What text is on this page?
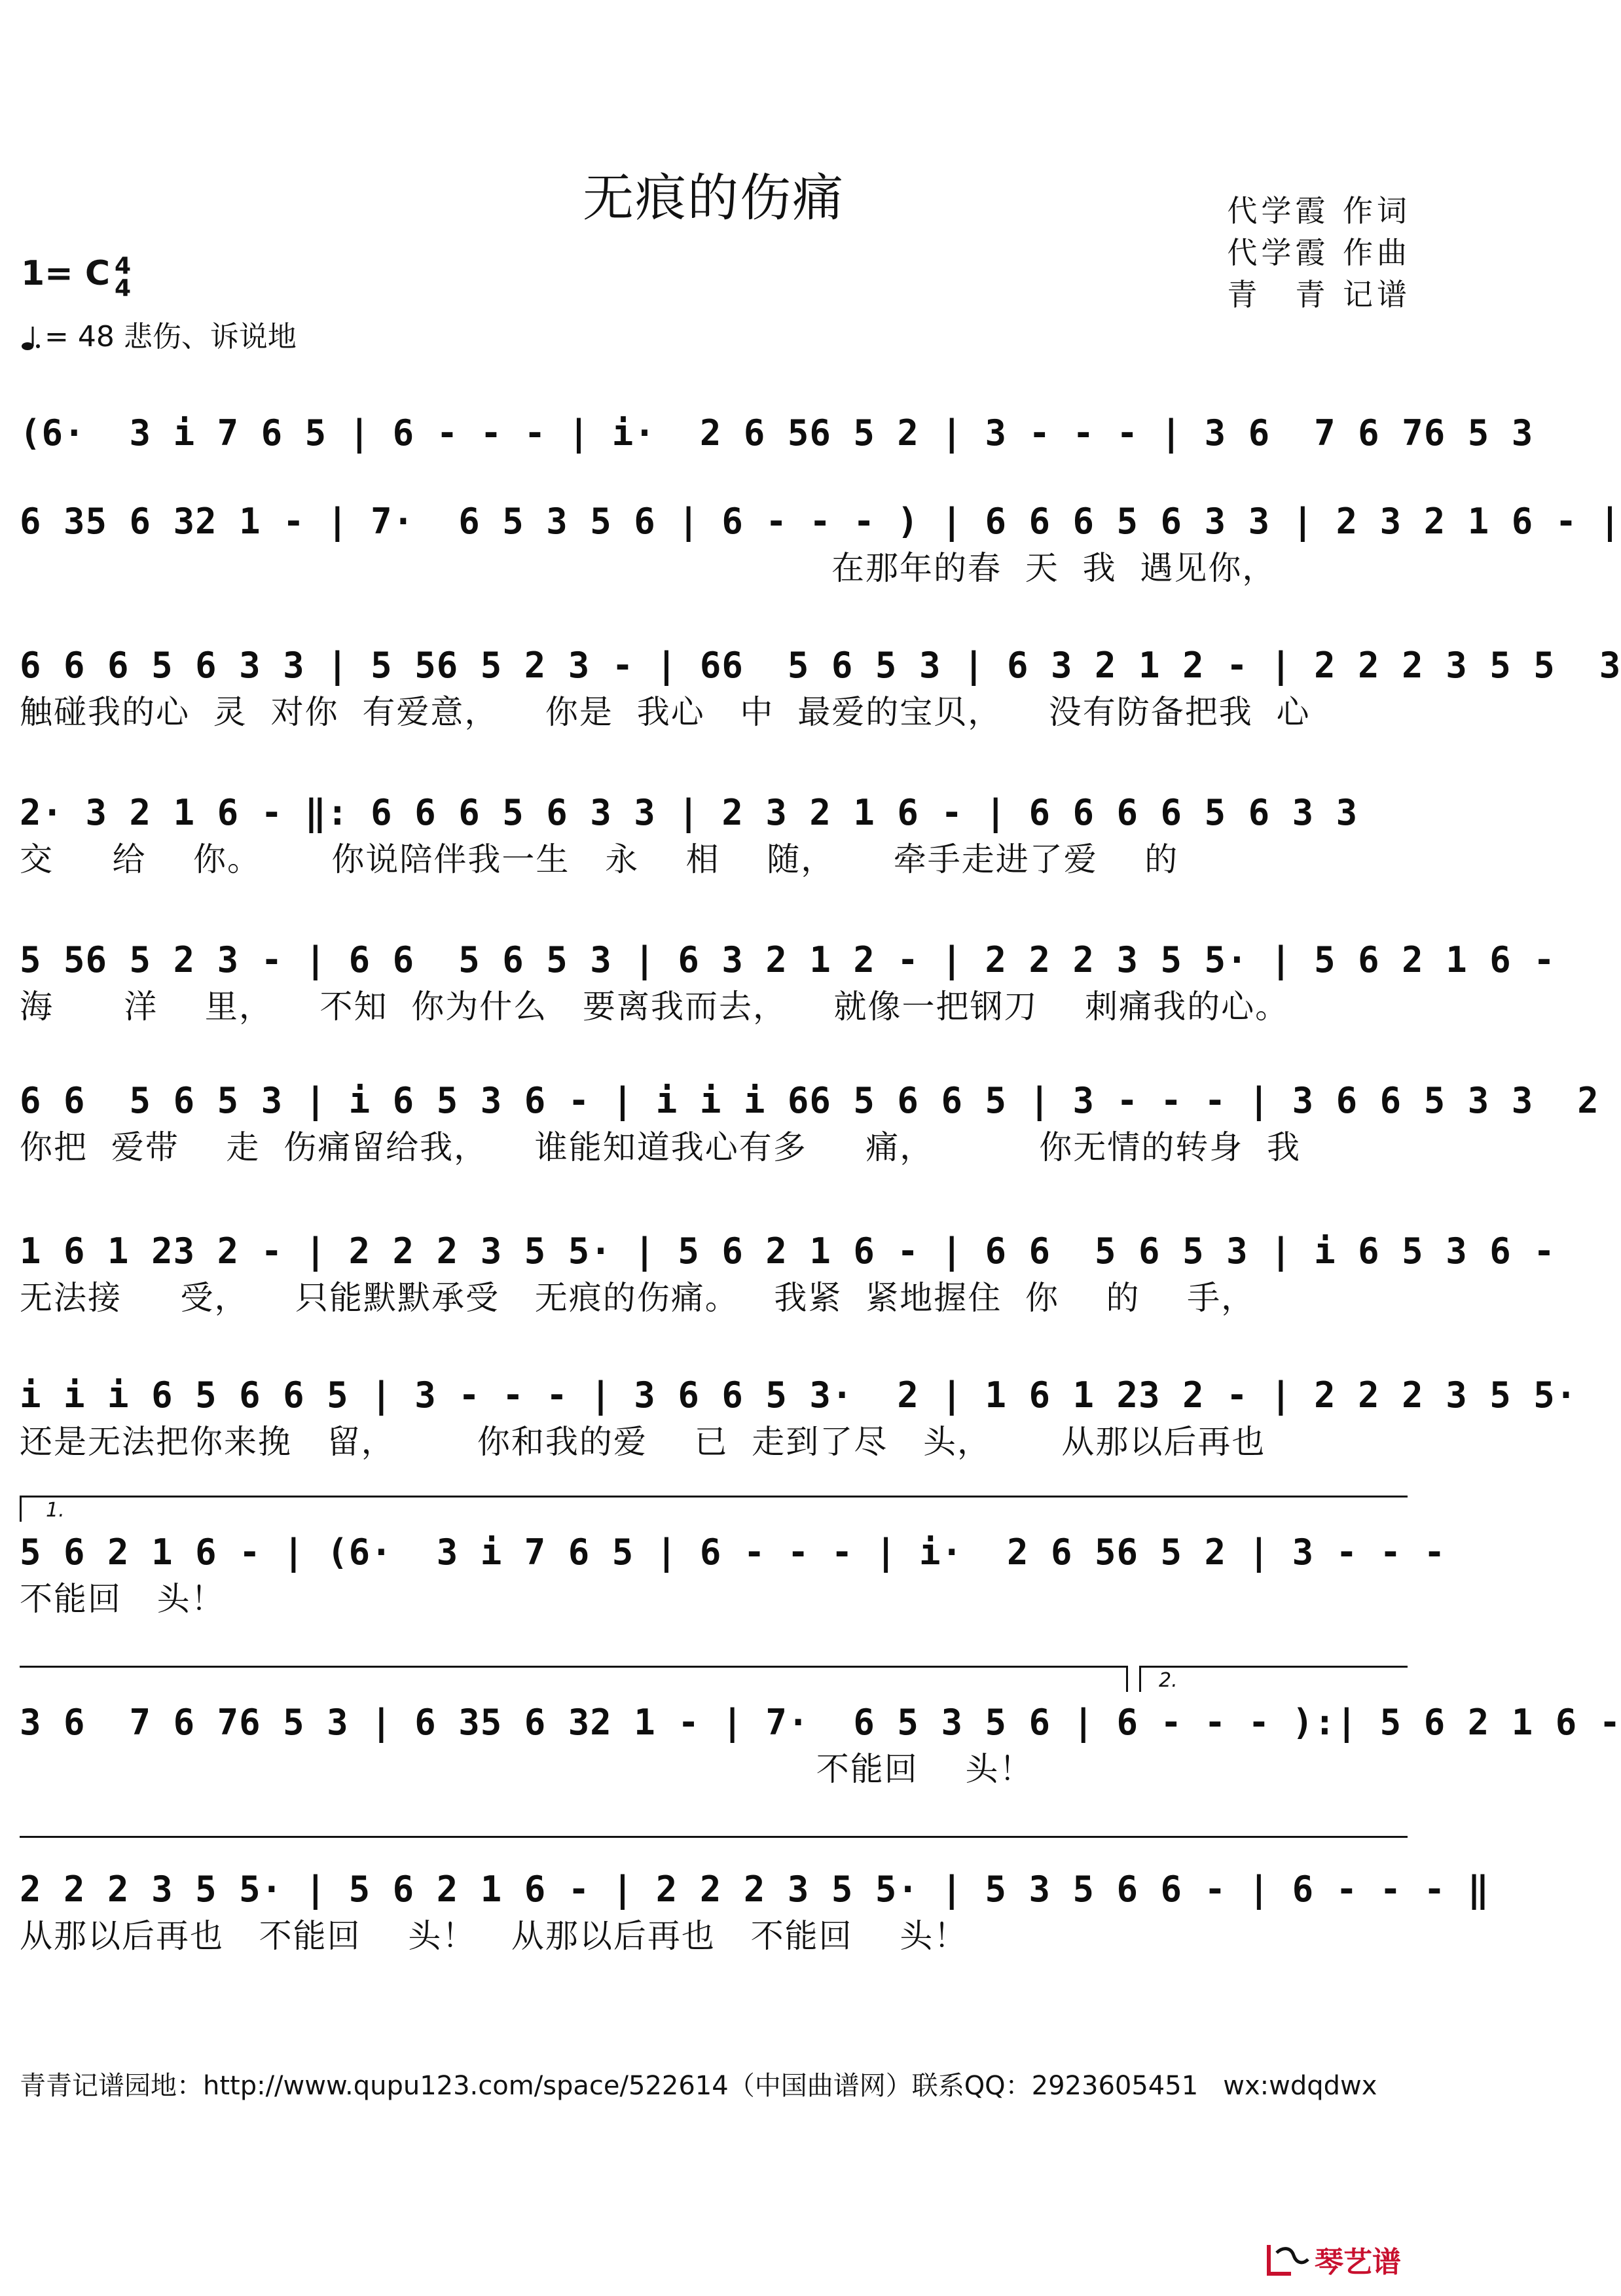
无痕的伤痛	代学霞 作词
代学霞 作曲
青　青 记谱
1= C 4
4
= 48 悲伤、诉说地
(6·  3 i 7 6 5 | 6 - - - | i·  2 6 56 5 2 | 3 - - - | 3 6  7 6 76 5 3
6 35 6 32 1 - | 7·  6 5 3 5 6 | 6 - - - ) | 6 6 6 5 6 3 3 | 2 3 2 1 6 - |
在那年的春  天  我  遇见你，
6 6 6 5 6 3 3 | 5 56 5 2 3 - | 66  5 6 5 3 | 6 3 2 1 2 - | 2 2 2 3 5 5  3
触碰我的心  灵  对你  有爱意，    你是  我心   中  最爱的宝贝，    没有防备把我  心
2· 3 2 1 6 - ‖: 6 6 6 5 6 3 3 | 2 3 2 1 6 - | 6 6 6 6 5 6 3 3
交     给    你。      你说陪伴我一生   永    相    随，     牵手走进了爱    的
5 56 5 2 3 - | 6 6  5 6 5 3 | 6 3 2 1 2 - | 2 2 2 3 5 5· | 5 6 2 1 6 -
海      洋    里，    不知  你为什么   要离我而去，    就像一把钢刀    刺痛我的心。
6 6  5 6 5 3 | i 6 5 3 6 - | i i i 66 5 6 6 5 | 3 - - - | 3 6 6 5 3 3  2
你把  爱带    走  伤痛留给我，    谁能知道我心有多     痛，         你无情的转身  我
1 6 1 23 2 - | 2 2 2 3 5 5· | 5 6 2 1 6 - | 6 6  5 6 5 3 | i 6 5 3 6 -
无法接     受，    只能默默承受   无痕的伤痛。   我紧  紧地握住  你    的    手，
i i i 6 5 6 6 5 | 3 - - - | 3 6 6 5 3·  2 | 1 6 1 23 2 - | 2 2 2 3 5 5·
还是无法把你来挽   留，       你和我的爱    已  走到了尽   头，      从那以后再也
1.
5 6 2 1 6 - | (6·  3 i 7 6 5 | 6 - - - | i·  2 6 56 5 2 | 3 - - -
不能回   头！
2.
3 6  7 6 76 5 3 | 6 35 6 32 1 - | 7·  6 5 3 5 6 | 6 - - - ):| 5 6 2 1 6 -
不能回    头！
2 2 2 3 5 5· | 5 6 2 1 6 - | 2 2 2 3 5 5· | 5 3 5 6 6 - | 6 - - - ‖
从那以后再也   不能回    头！   从那以后再也   不能回    头！
青青记谱园地：http://www.qupu123.com/space/522614（中国曲谱网）联系QQ：2923605451   wx:wdqdwx
琴艺谱
